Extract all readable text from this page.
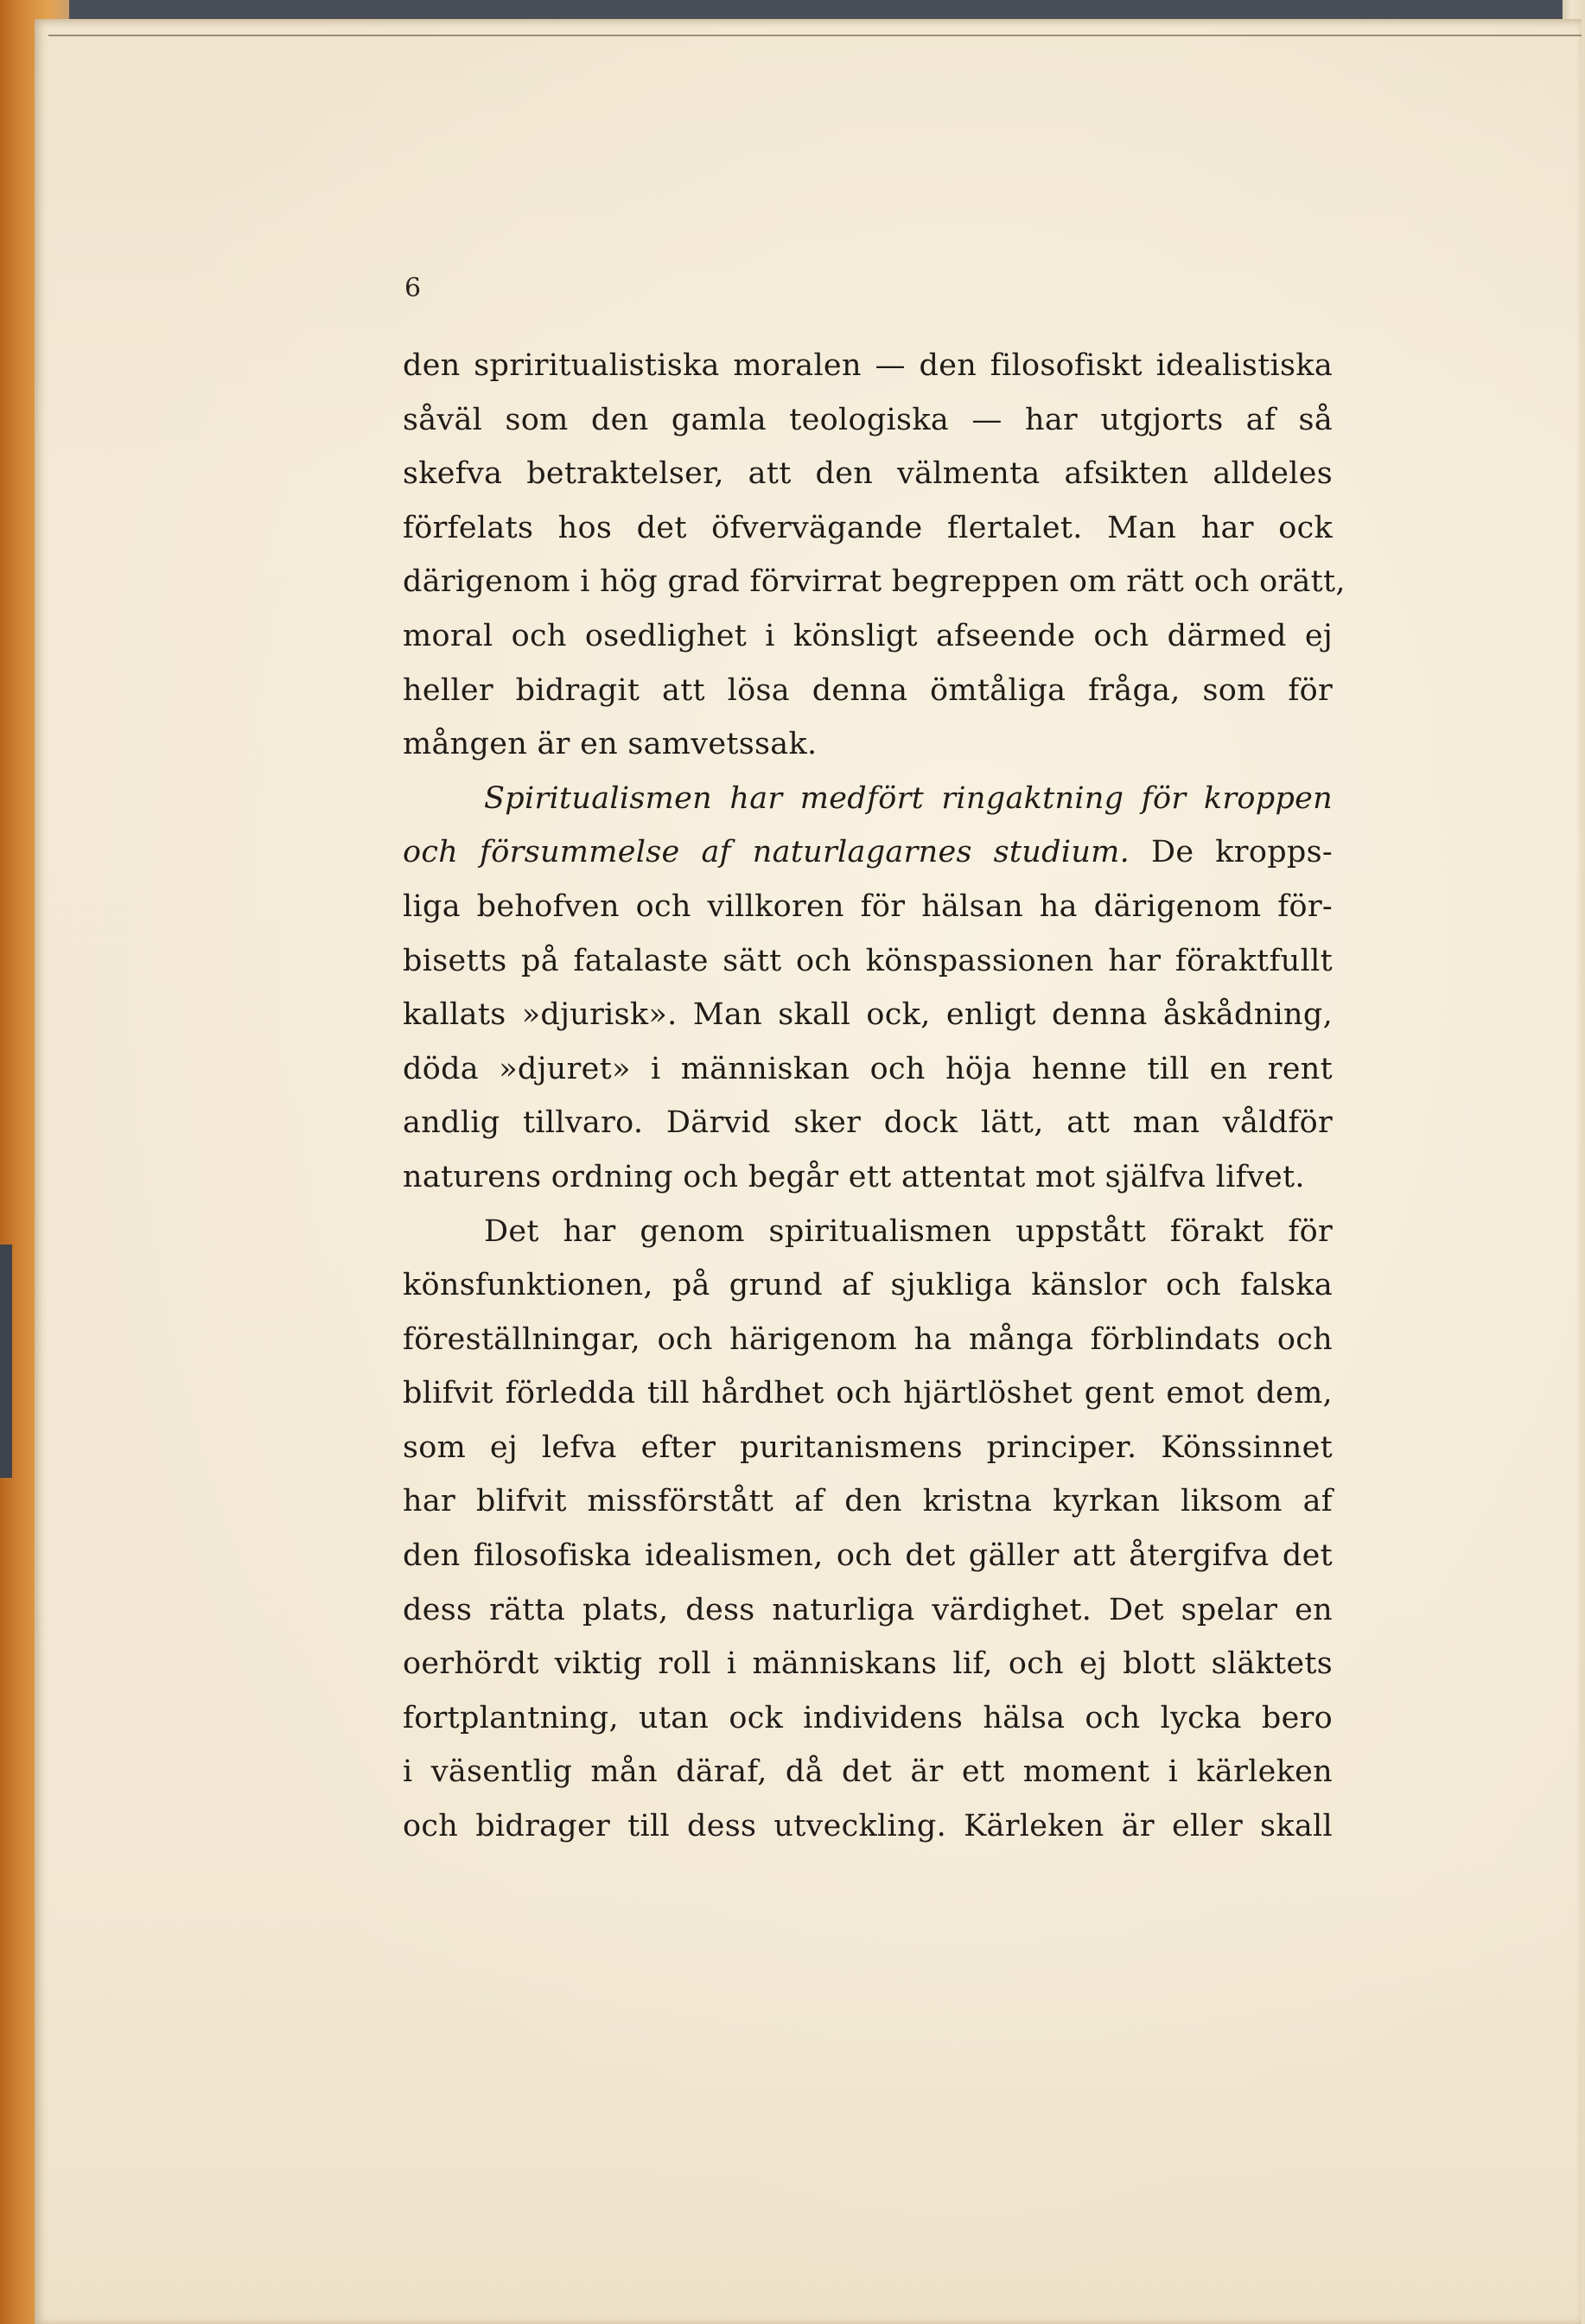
6
den spriritualistiska moralen — den filosofiskt idealistiska
såväl som den gamla teologiska — har utgjorts af så
skefva betraktelser, att den välmenta afsikten alldeles
förfelats hos det öfvervägande flertalet. Man har ock
därigenom i hög grad förvirrat begreppen om rätt och orätt,
moral och osedlighet i könsligt afseende och därmed ej
heller bidragit att lösa denna ömtåliga fråga, som för
mången är en samvetssak.
Spiritualismen har medfört ringaktning för kroppen
och försummelse af naturlagarnes studium. De kropps-
liga behofven och villkoren för hälsan ha därigenom för-
bisetts på fatalaste sätt och könspassionen har föraktfullt
kallats »djurisk». Man skall ock, enligt denna åskådning,
döda »djuret» i människan och höja henne till en rent
andlig tillvaro. Därvid sker dock lätt, att man våldför
naturens ordning och begår ett attentat mot själfva lifvet.
Det har genom spiritualismen uppstått förakt för
könsfunktionen, på grund af sjukliga känslor och falska
föreställningar, och härigenom ha många förblindats och
blifvit förledda till hårdhet och hjärtlöshet gent emot dem,
som ej lefva efter puritanismens principer. Könssinnet
har blifvit missförstått af den kristna kyrkan liksom af
den filosofiska idealismen, och det gäller att återgifva det
dess rätta plats, dess naturliga värdighet. Det spelar en
oerhördt viktig roll i människans lif, och ej blott släktets
fortplantning, utan ock individens hälsa och lycka bero
i väsentlig mån däraf, då det är ett moment i kärleken
och bidrager till dess utveckling. Kärleken är eller skall
